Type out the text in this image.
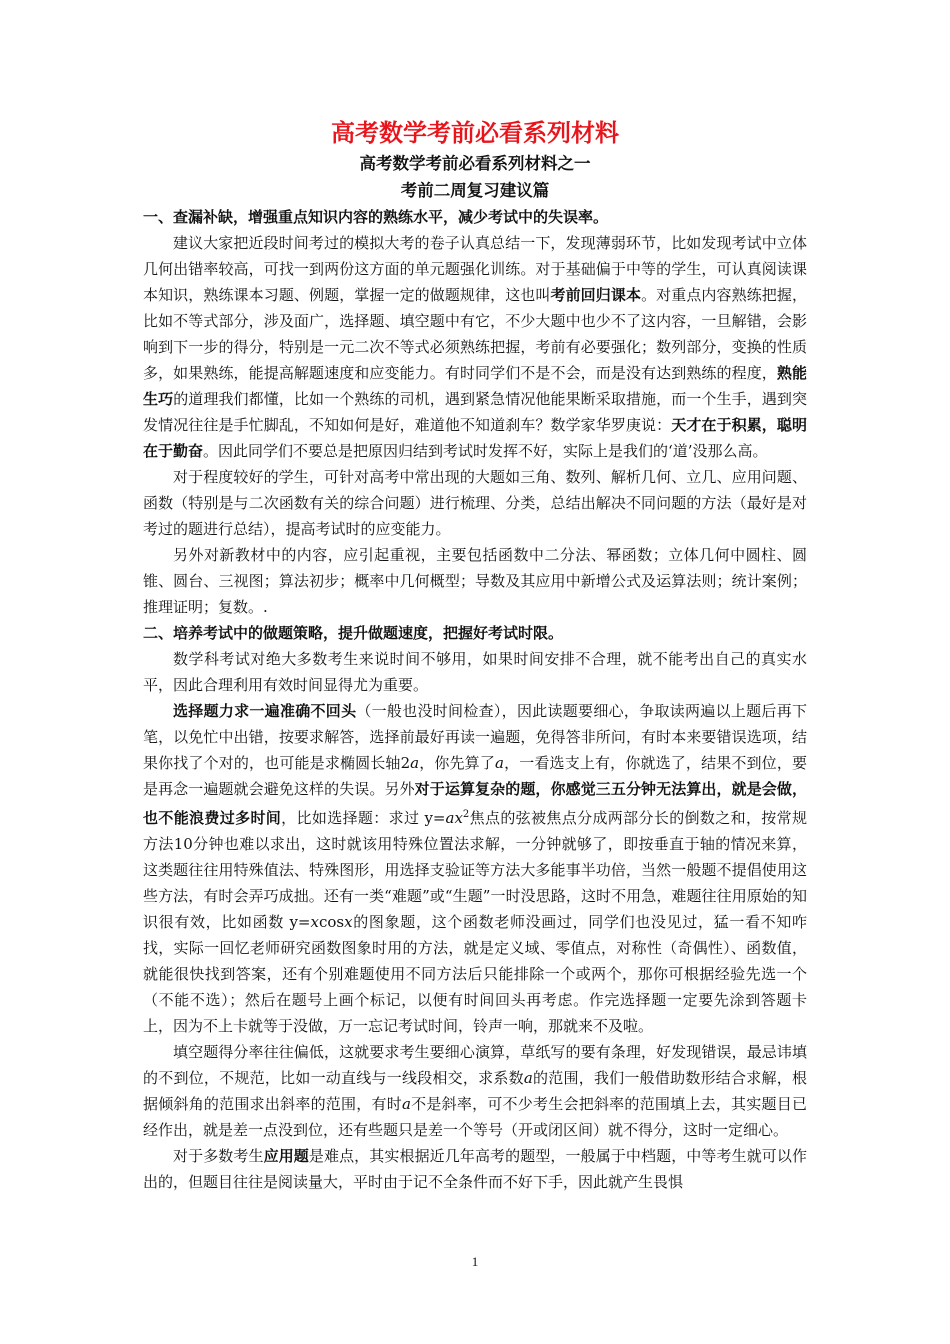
高考数学考前必看系列材料

高考数学考前必看系列材料之一

考前二周复习建议篇

一、查漏补缺，增强重点知识内容的熟练水平，减少考试中的失误率。

建议大家把近段时间考过的模拟大考的卷子认真总结一下，发现薄弱环节，比如发现考试中立体几何出错率较高，可找一到两份这方面的单元题强化训练。对于基础偏于中等的学生，可认真阅读课本知识，熟练课本习题、例题，掌握一定的做题规律，这也叫考前回归课本。对重点内容熟练把握，比如不等式部分，涉及面广，选择题、填空题中有它，不少大题中也少不了这内容，一旦解错，会影响到下一步的得分，特别是一元二次不等式必须熟练把握，考前有必要强化；数列部分，变换的性质多，如果熟练，能提高解题速度和应变能力。有时同学们不是不会，而是没有达到熟练的程度，熟能生巧的道理我们都懂，比如一个熟练的司机，遇到紧急情况他能果断采取措施，而一个生手，遇到突发情况往往是手忙脚乱，不知如何是好，难道他不知道刹车？数学家华罗庚说：天才在于积累，聪明在于勤奋。因此同学们不要总是把原因归结到考试时发挥不好，实际上是我们的‘道’没那么高。

对于程度较好的学生，可针对高考中常出现的大题如三角、数列、解析几何、立几、应用问题、函数（特别是与二次函数有关的综合问题）进行梳理、分类，总结出解决不同问题的方法（最好是对考过的题进行总结），提高考试时的应变能力。

另外对新教材中的内容，应引起重视，主要包括函数中二分法、幂函数；立体几何中圆柱、圆锥、圆台、三视图；算法初步；概率中几何概型；导数及其应用中新增公式及运算法则；统计案例；推理证明；复数。.

二、培养考试中的做题策略，提升做题速度，把握好考试时限。

数学科考试对绝大多数考生来说时间不够用，如果时间安排不合理，就不能考出自己的真实水平，因此合理利用有效时间显得尤为重要。

选择题力求一遍准确不回头（一般也没时间检查），因此读题要细心，争取读两遍以上题后再下笔，以免忙中出错，按要求解答，选择前最好再读一遍题，免得答非所问，有时本来要错误选项，结果你找了个对的，也可能是求椭圆长轴2a，你先算了a，一看选支上有，你就选了，结果不到位，要是再念一遍题就会避免这样的失误。另外对于运算复杂的题，你感觉三五分钟无法算出，就是会做，也不能浪费过多时间，比如选择题：求过 $y=ax^2$焦点的弦被焦点分成两部分长的倒数之和，按常规方法10分钟也难以求出，这时就该用特殊位置法求解，一分钟就够了，即按垂直于轴的情况来算，这类题往往用特殊值法、特殊图形，用选择支验证等方法大多能事半功倍，当然一般题不提倡使用这些方法，有时会弄巧成拙。还有一类“难题”或“生题”一时没思路，这时不用急，难题往往用原始的知识很有效，比如函数 y=xcosx的图象题，这个函数老师没画过，同学们也没见过，猛一看不知咋找，实际一回忆老师研究函数图象时用的方法，就是定义域、零值点，对称性（奇偶性）、函数值，就能很快找到答案，还有个别难题使用不同方法后只能排除一个或两个，那你可根据经验先选一个（不能不选）；然后在题号上画个标记，以便有时间回头再考虑。作完选择题一定要先涂到答题卡上，因为不上卡就等于没做，万一忘记考试时间，铃声一响，那就来不及啦。

填空题得分率往往偏低，这就要求考生要细心演算，草纸写的要有条理，好发现错误，最忌讳填的不到位，不规范，比如一动直线与一线段相交，求系数a的范围，我们一般借助数形结合求解，根据倾斜角的范围求出斜率的范围，有时a不是斜率，可不少考生会把斜率的范围填上去，其实题目已经作出，就是差一点没到位，还有些题只是差一个等号（开或闭区间）就不得分，这时一定细心。

对于多数考生应用题是难点，其实根据近几年高考的题型，一般属于中档题，中等考生就可以作出的，但题目往往是阅读量大，平时由于记不全条件而不好下手，因此就产生畏惧

1
